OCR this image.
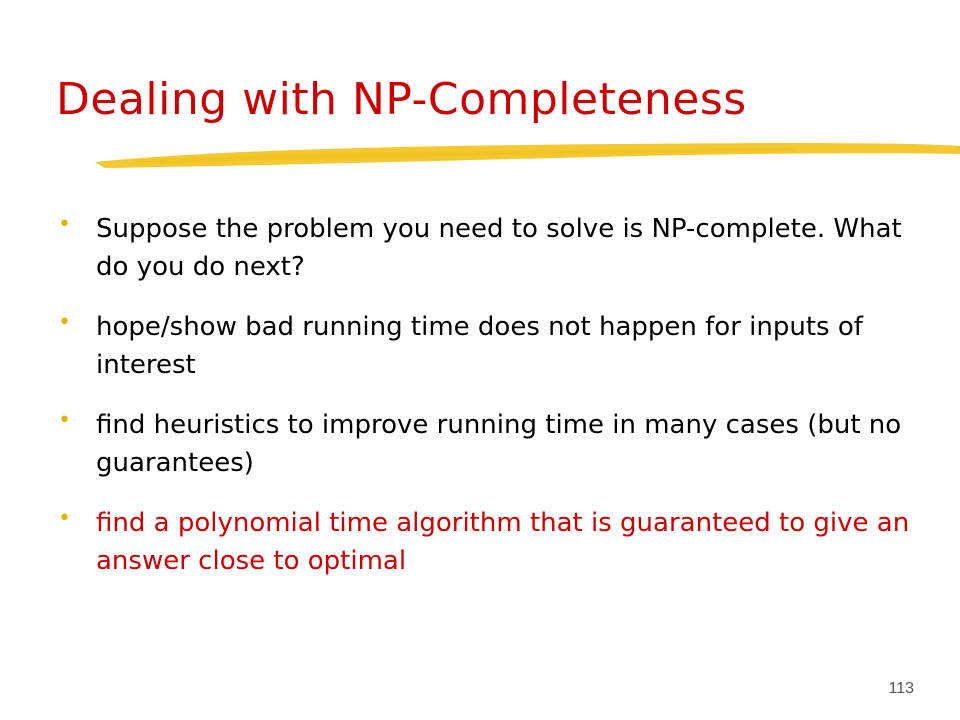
Dealing with NP-Completeness
• Suppose the problem you need to solve is NP-complete. What do you do next?
• hope/show bad running time does not happen for inputs of interest
• find heuristics to improve running time in many cases (but no guarantees)
• find a polynomial time algorithm that is guaranteed to give an answer close to optimal
113
